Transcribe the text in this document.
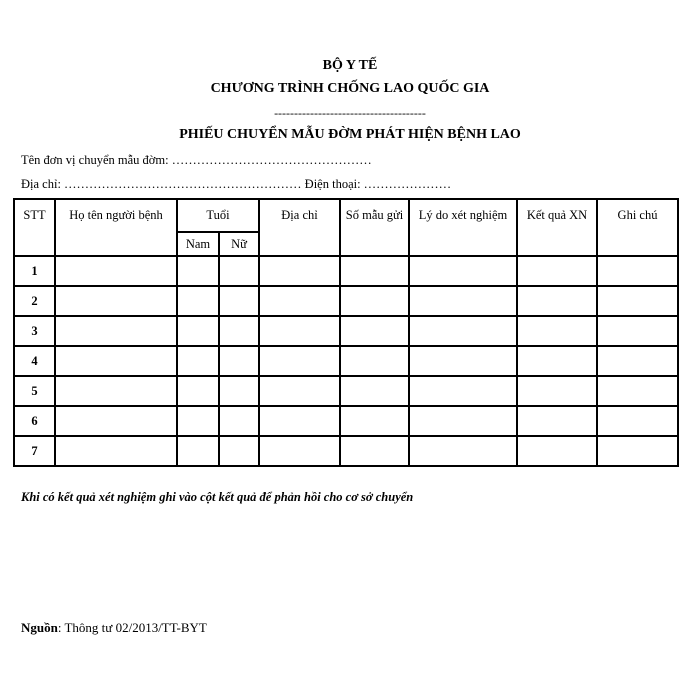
BỘ Y TẾ
CHƯƠNG TRÌNH CHỐNG LAO QUỐC GIA
--------------------------------------
PHIẾU CHUYỂN MẪU ĐỜM PHÁT HIỆN BỆNH LAO
Tên đơn vị chuyển mẫu đờm: …………………………………………
Địa chỉ: ………………………………………………… Điện thoại: …………………
STT	Họ tên người bệnh	Tuổi		Địa chỉ	Số mẫu gửi	Lý do xét nghiệm	Kết quả XN	Ghi chú
		Nam	Nữ					
1								
2								
3								
4								
5								
6								
7								
Khi có kết quả xét nghiệm ghi vào cột kết quả để phản hồi cho cơ sở chuyển
Nguồn: Thông tư 02/2013/TT-BYT
